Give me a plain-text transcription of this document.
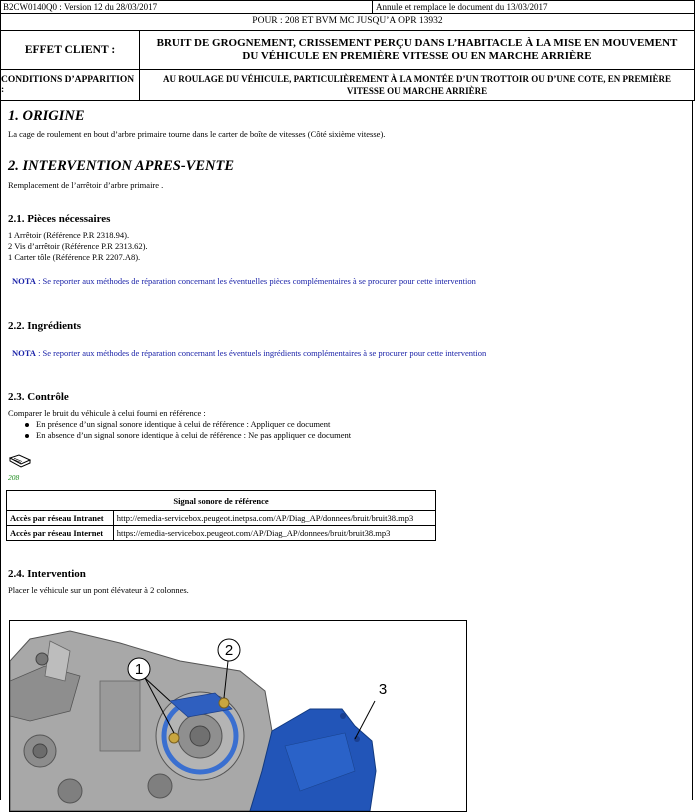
B2CW0140Q0 : Version 12 du 28/03/2017	Annule et remplace le document du 13/03/2017
POUR : 208 ET BVM MC JUSQU’A OPR 13932
EFFET CLIENT :
BRUIT DE GROGNEMENT, CRISSEMENT PERÇU DANS L’HABITACLE À LA MISE EN MOUVEMENT DU VÉHICULE EN PREMIÈRE VITESSE OU EN MARCHE ARRIÈRE
CONDITIONS D’APPARITION :
AU ROULAGE DU VÉHICULE, PARTICULIÈREMENT À LA MONTÉE D’UN TROTTOIR OU D’UNE COTE, EN PREMIÈRE VITESSE OU MARCHE ARRIÈRE
1. ORIGINE
La cage de roulement en bout d’arbre primaire tourne dans le carter de boîte de vitesses (Côté sixième vitesse).
2. INTERVENTION APRES-VENTE
Remplacement de l’arrêtoir d’arbre primaire .
2.1. Pièces nécessaires
1 Arrêtoir (Référence P.R 2318.94).
2 Vis d’arrêtoir (Référence P.R 2313.62).
1 Carter tôle (Référence P.R 2207.A8).
NOTA : Se reporter aux méthodes de réparation concernant les éventuelles pièces complémentaires à se procurer pour cette intervention
2.2. Ingrédients
NOTA : Se reporter aux méthodes de réparation concernant les éventuels ingrédients complémentaires à se procurer pour cette intervention
2.3. Contrôle
Comparer le bruit du véhicule à celui fourni en référence :
En présence d’un signal sonore identique à celui de référence : Appliquer ce document
En absence d’un signal sonore identique à celui de référence : Ne pas appliquer ce document
208
Signal sonore de référence	
Accès par réseau Intranet	http://emedia-servicebox.peugeot.inetpsa.com/AP/Diag_AP/donnees/bruit/bruit38.mp3
Accès par réseau Internet	https://emedia-servicebox.peugeot.com/AP/Diag_AP/donnees/bruit/bruit38.mp3
2.4. Intervention
Placer le véhicule sur un pont élévateur à 2 colonnes.
1
2
3
